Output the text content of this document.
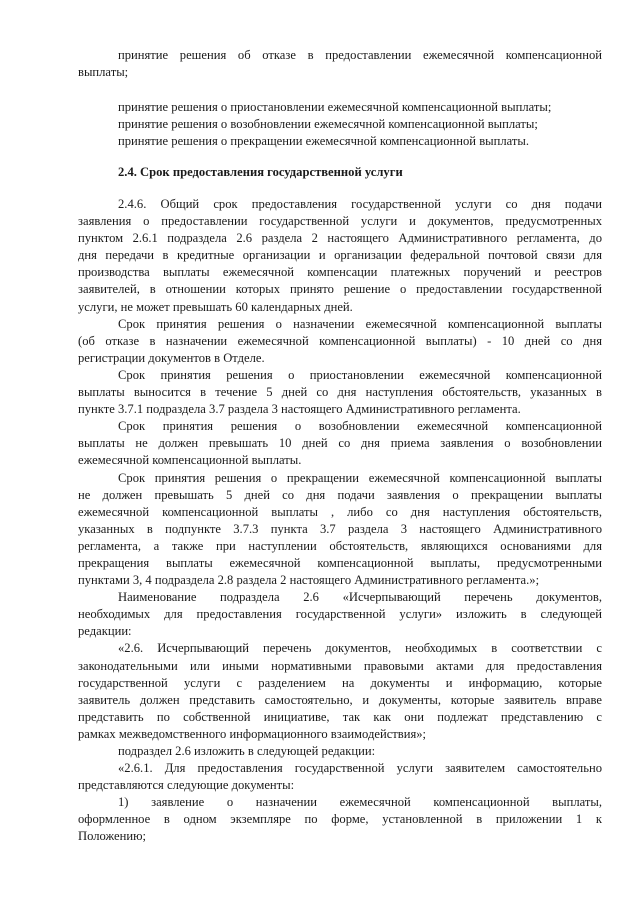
принятие решения об отказе в предоставлении ежемесячной компенсационной
выплаты;
принятие решения о приостановлении ежемесячной компенсационной выплаты;
принятие решения о возобновлении ежемесячной компенсационной выплаты;
принятие решения о прекращении ежемесячной компенсационной выплаты.
2.4. Срок предоставления государственной услуги
2.4.6. Общий срок предоставления государственной услуги со дня подачи
заявления о предоставлении государственной услуги и документов, предусмотренных
пунктом 2.6.1 подраздела 2.6 раздела 2 настоящего Административного регламента, до
дня передачи в кредитные организации и организации федеральной почтовой связи для
производства выплаты ежемесячной компенсации платежных поручений и реестров
заявителей, в отношении которых принято решение о предоставлении государственной
услуги, не может превышать 60 календарных дней.
Срок принятия решения о назначении ежемесячной компенсационной выплаты
(об отказе в назначении ежемесячной компенсационной выплаты) - 10 дней со дня
регистрации документов в Отделе.
Срок принятия решения о приостановлении ежемесячной компенсационной
выплаты выносится в течение 5 дней со дня наступления обстоятельств, указанных в
пункте 3.7.1 подраздела 3.7 раздела 3 настоящего Административного регламента.
Срок принятия решения о возобновлении ежемесячной компенсационной
выплаты не должен превышать 10 дней со дня приема заявления о возобновлении
ежемесячной компенсационной выплаты.
Срок принятия решения о прекращении ежемесячной компенсационной выплаты
не должен превышать 5 дней со дня подачи заявления о прекращении выплаты
ежемесячной компенсационной выплаты , либо со дня наступления обстоятельств,
указанных в подпункте 3.7.3 пункта 3.7 раздела 3 настоящего Административного
регламента, а также при наступлении обстоятельств, являющихся основаниями для
прекращения выплаты ежемесячной компенсационной выплаты, предусмотренными
пунктами 3, 4 подраздела 2.8 раздела 2 настоящего Административного регламента.»;
Наименование подраздела 2.6 «Исчерпывающий перечень документов,
необходимых для предоставления государственной услуги» изложить в следующей
редакции:
«2.6. Исчерпывающий перечень документов, необходимых в соответствии с
законодательными или иными нормативными правовыми актами для предоставления
государственной услуги с разделением на документы и информацию, которые
заявитель должен представить самостоятельно, и документы, которые заявитель вправе
представить по собственной инициативе, так как они подлежат представлению с
рамках межведомственного информационного взаимодействия»;
подраздел 2.6 изложить в следующей редакции:
«2.6.1. Для предоставления государственной услуги заявителем самостоятельно
представляются следующие документы:
1) заявление о назначении ежемесячной компенсационной выплаты,
оформленное в одном экземпляре по форме, установленной в приложении 1 к
Положению;
